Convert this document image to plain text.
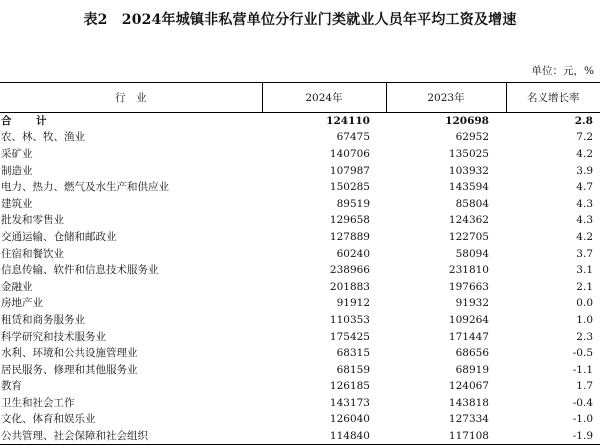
表2　2024年城镇非私营单位分行业门类就业人员年平均工资及增速
单位：元，%
行　业	2024年	2023年	名义增长率
合　计	124110	120698	2.8
农、林、牧、渔业	67475	62952	7.2
采矿业	140706	135025	4.2
制造业	107987	103932	3.9
电力、热力、燃气及水生产和供应业	150285	143594	4.7
建筑业	89519	85804	4.3
批发和零售业	129658	124362	4.3
交通运输、仓储和邮政业	127889	122705	4.2
住宿和餐饮业	60240	58094	3.7
信息传输、软件和信息技术服务业	238966	231810	3.1
金融业	201883	197663	2.1
房地产业	91912	91932	0.0
租赁和商务服务业	110353	109264	1.0
科学研究和技术服务业	175425	171447	2.3
水利、环境和公共设施管理业	68315	68656	-0.5
居民服务、修理和其他服务业	68159	68919	-1.1
教育	126185	124067	1.7
卫生和社会工作	143173	143818	-0.4
文化、体育和娱乐业	126040	127334	-1.0
公共管理、社会保障和社会组织	114840	117108	-1.9
